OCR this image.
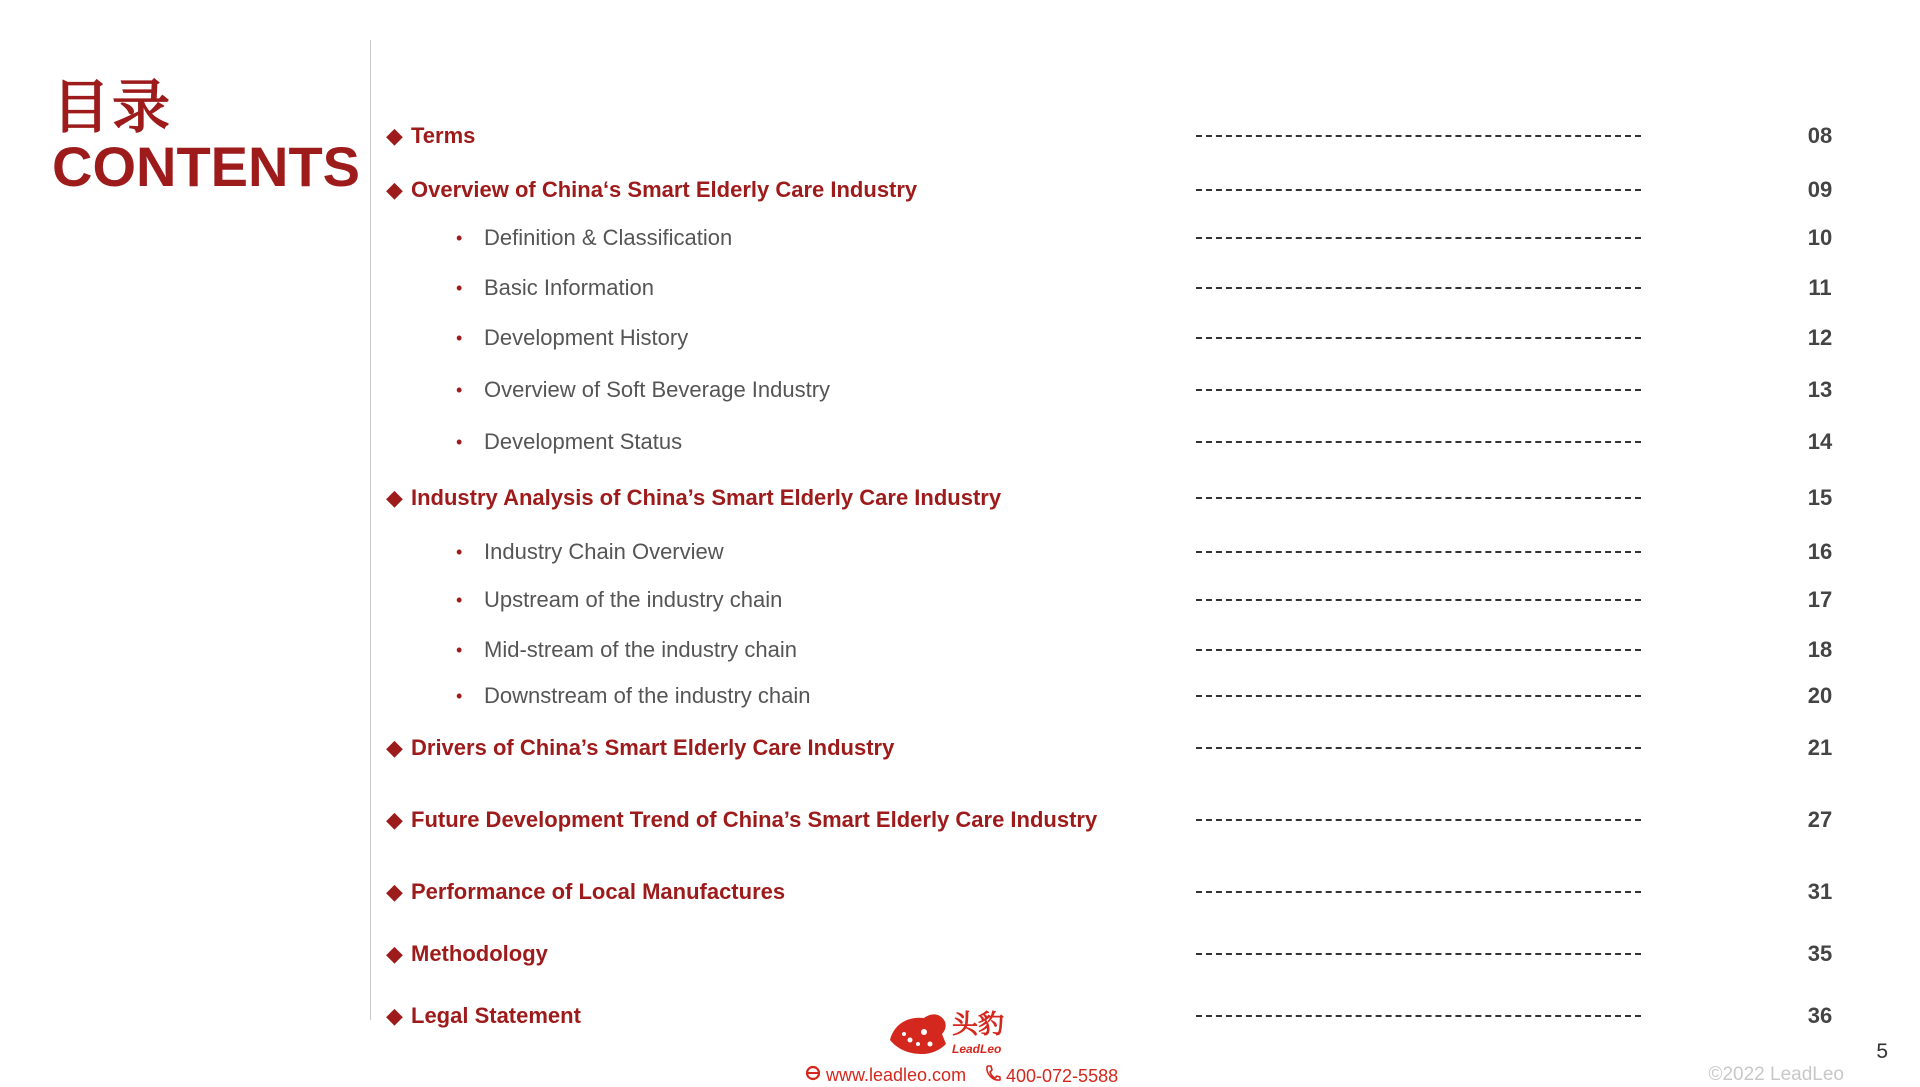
目录
CONTENTS ◆ Terms	08
◆ Overview of China‘s Smart Elderly Care Industry	09
• Definition & Classification	10
• Basic Information	11
• Development History	12
• Overview of Soft Beverage Industry	13
• Development Status	14
◆ Industry Analysis of China’s Smart Elderly Care Industry	15
• Industry Chain Overview	16
• Upstream of the industry chain	17
• Mid-stream of the industry chain	18
• Downstream of the industry chain	20
◆ Drivers of China’s Smart Elderly Care Industry	21
◆ Future Development Trend of China’s Smart Elderly Care Industry	27
◆ Performance of Local Manufactures	31
◆ Methodology	35
◆ Legal Statement	36
头豹
LeadLeo
www.leadleo.com	400-072-5588	©2022 LeadLeo
5
